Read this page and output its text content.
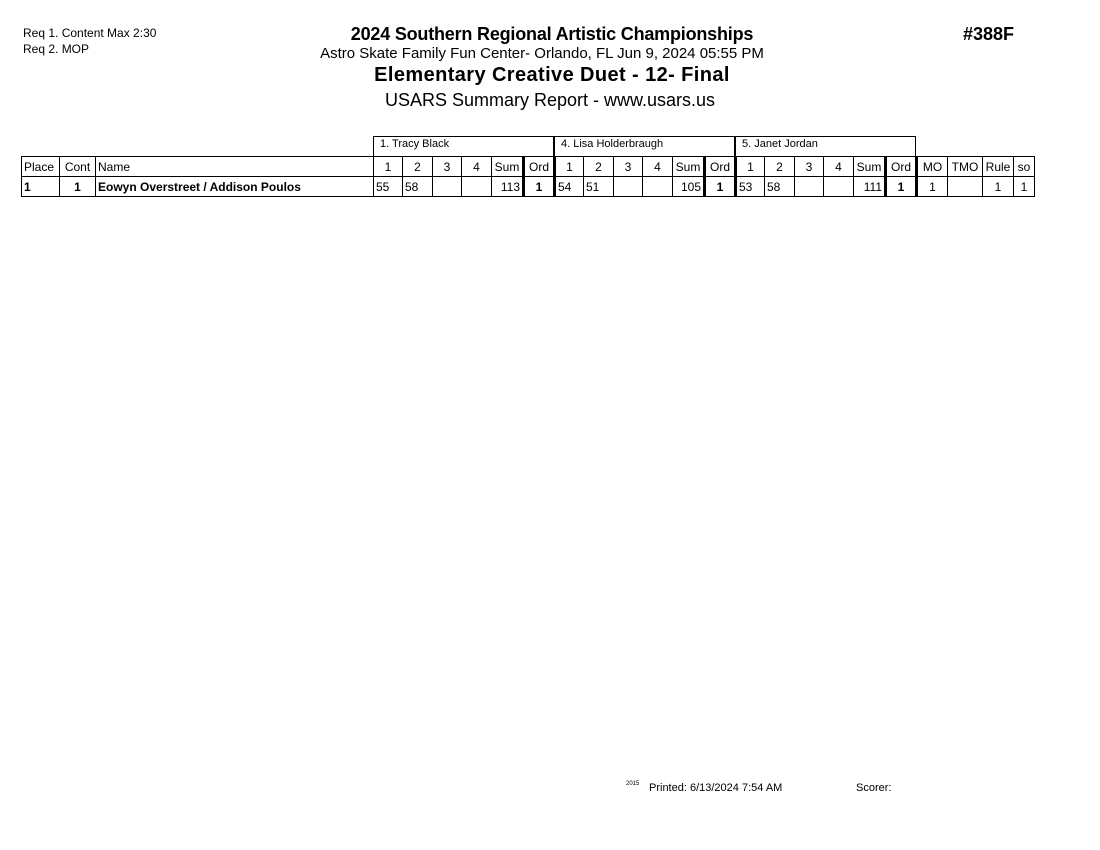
Req 1. Content Max 2:30
Req 2. MOP
2024 Southern Regional Artistic Championships
Astro Skate Family Fun Center- Orlando, FL Jun 9, 2024 05:55 PM
Elementary Creative Duet - 12- Final
USARS Summary Report - www.usars.us
#388F
1. Tracy Black	4. Lisa Holderbraugh	5. Janet Jordan
Place	Cont	Name	1	2	3	4	Sum	Ord	1	2	3	4	Sum	Ord	1	2	3	4	Sum	Ord	MO	TMO	Rule	so
1	1	Eowyn Overstreet / Addison Poulos	55	58			113	1	54	51			105	1	53	58			111	1	1		1	1
2015 Printed: 6/13/2024 7:54 AM	Scorer:
